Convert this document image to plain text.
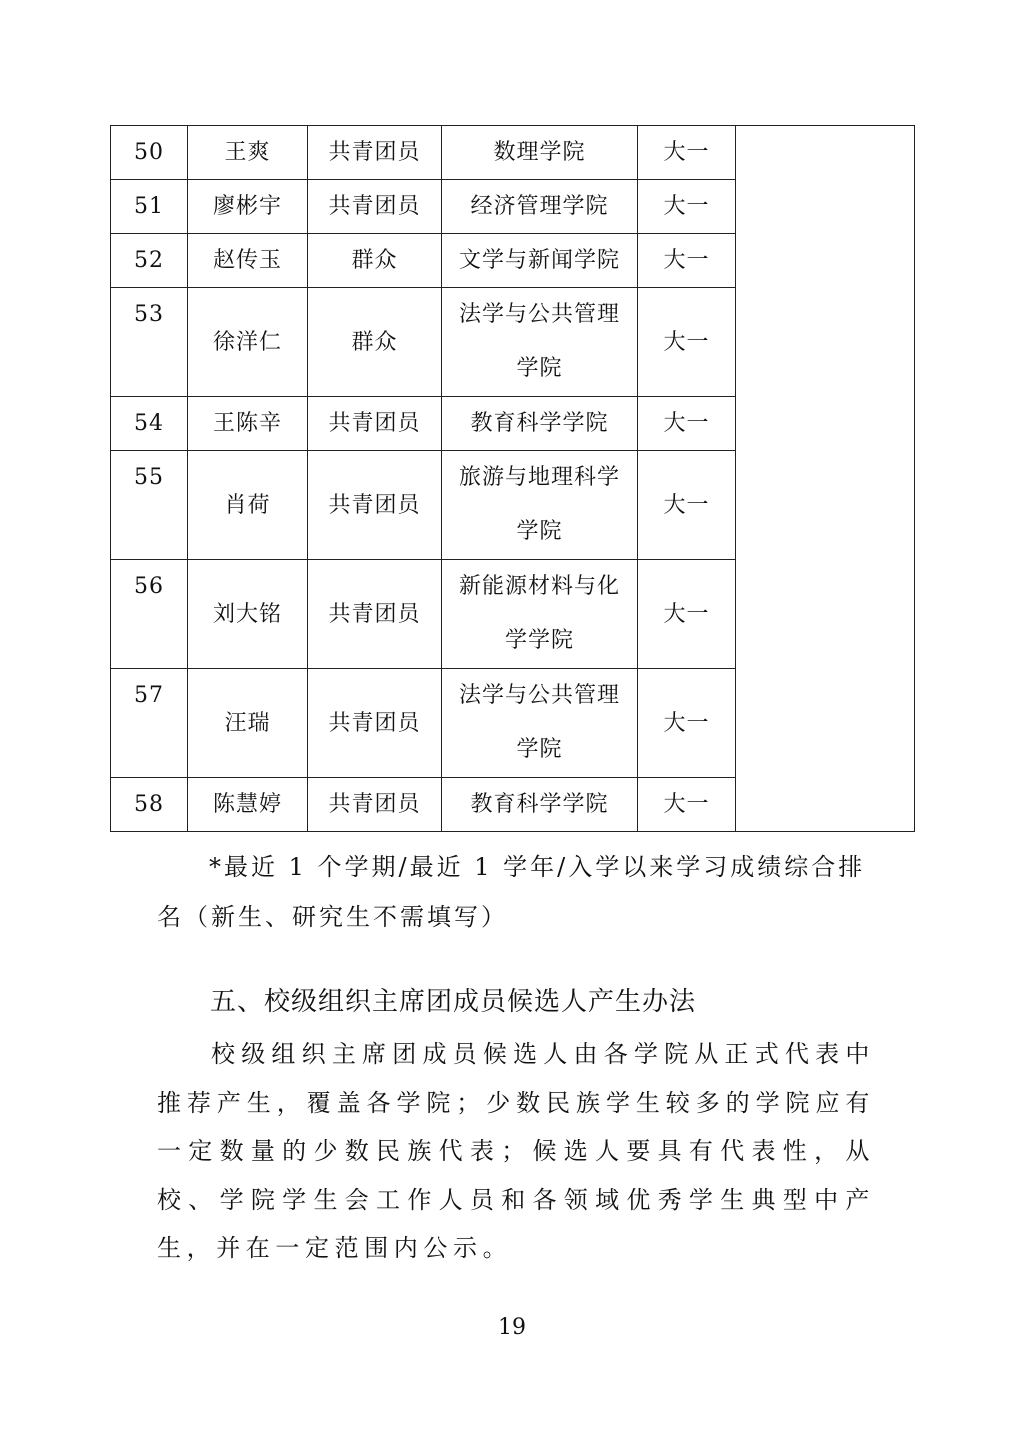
50	王爽	共青团员	数理学院	大一	
51	廖彬宇	共青团员	经济管理学院	大一	
52	赵传玉	群众	文学与新闻学院	大一	
53	徐洋仁	群众	法学与公共管理学院	大一	
54	王陈辛	共青团员	教育科学学院	大一	
55	肖荷	共青团员	旅游与地理科学学院	大一	
56	刘大铭	共青团员	新能源材料与化学学院	大一	
57	汪瑞	共青团员	法学与公共管理学院	大一	
58	陈慧婷	共青团员	教育科学学院	大一	
*最近 1 个学期/最近 1 学年/入学以来学习成绩综合排
名（新生、研究生不需填写）
五、校级组织主席团成员候选人产生办法
校级组织主席团成员候选人由各学院从正式代表中推荐产生，覆盖各学院；少数民族学生较多的学院应有一定数量的少数民族代表；候选人要具有代表性，从校、学院学生会工作人员和各领域优秀学生典型中产生，并在一定范围内公示。
19
